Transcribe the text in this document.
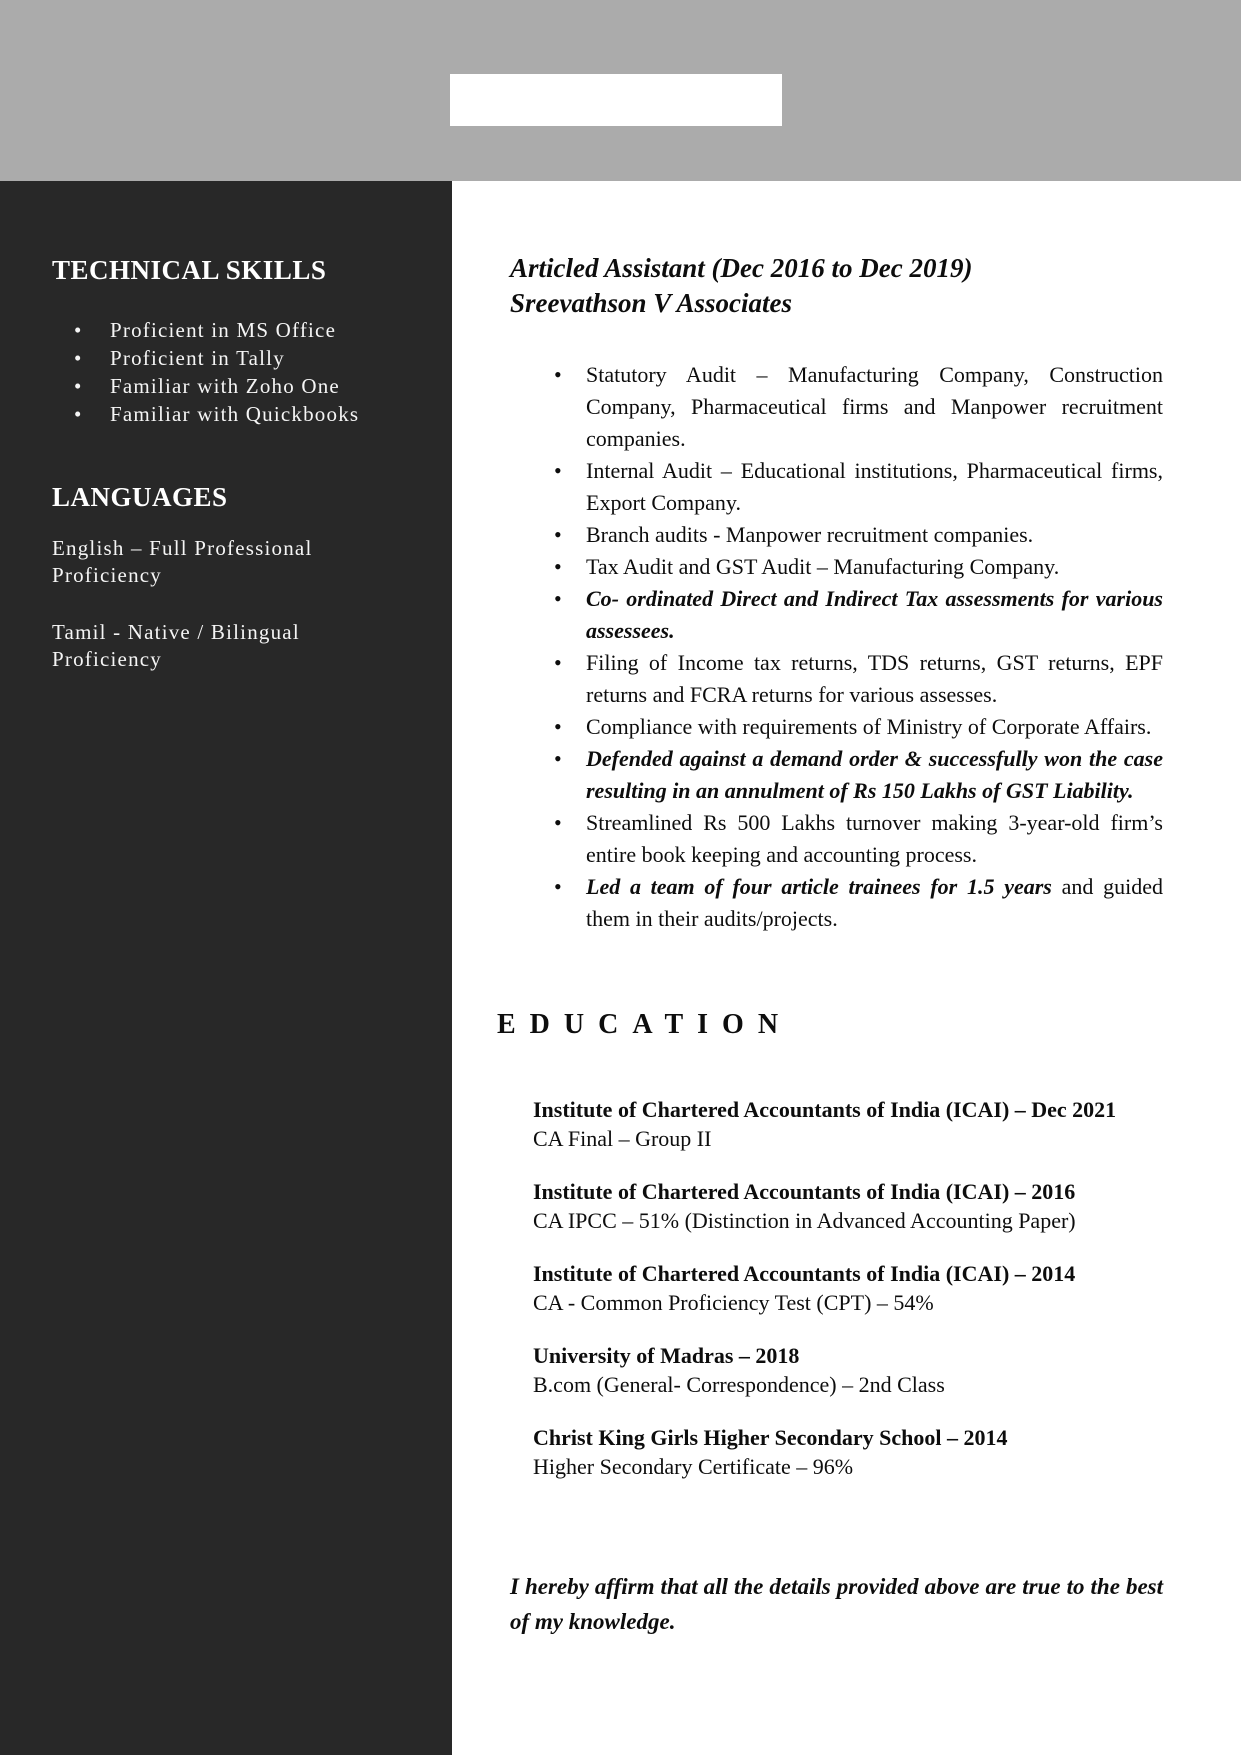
TECHNICAL SKILLS
• Proficient in MS Office
• Proficient in Tally
• Familiar with Zoho One
• Familiar with Quickbooks
LANGUAGES

English – Full Professional Proficiency

Tamil - Native / Bilingual Proficiency

Articled Assistant (Dec 2016 to Dec 2019)
Sreevathson V Associates
• Statutory Audit – Manufacturing Company, Construction Company, Pharmaceutical firms and Manpower recruitment companies.
• Internal Audit – Educational institutions, Pharmaceutical firms, Export Company.
• Branch audits - Manpower recruitment companies.
• Tax Audit and GST Audit – Manufacturing Company.
• Co- ordinated Direct and Indirect Tax assessments for various assessees.
• Filing of Income tax returns, TDS returns, GST returns, EPF returns and FCRA returns for various assesses.
• Compliance with requirements of Ministry of Corporate Affairs.
• Defended against a demand order & successfully won the case resulting in an annulment of Rs 150 Lakhs of GST Liability.
• Streamlined Rs 500 Lakhs turnover making 3-year-old firm’s entire book keeping and accounting process.
• Led a team of four article trainees for 1.5 years and guided them in their audits/projects.
EDUCATION
Institute of Chartered Accountants of India (ICAI) – Dec 2021
CA Final – Group II
Institute of Chartered Accountants of India (ICAI) – 2016
CA IPCC – 51% (Distinction in Advanced Accounting Paper)
Institute of Chartered Accountants of India (ICAI) – 2014
CA - Common Proficiency Test (CPT) – 54%
University of Madras – 2018
B.com (General- Correspondence) – 2nd Class
Christ King Girls Higher Secondary School – 2014
Higher Secondary Certificate – 96%

I hereby affirm that all the details provided above are true to the best of my knowledge.
